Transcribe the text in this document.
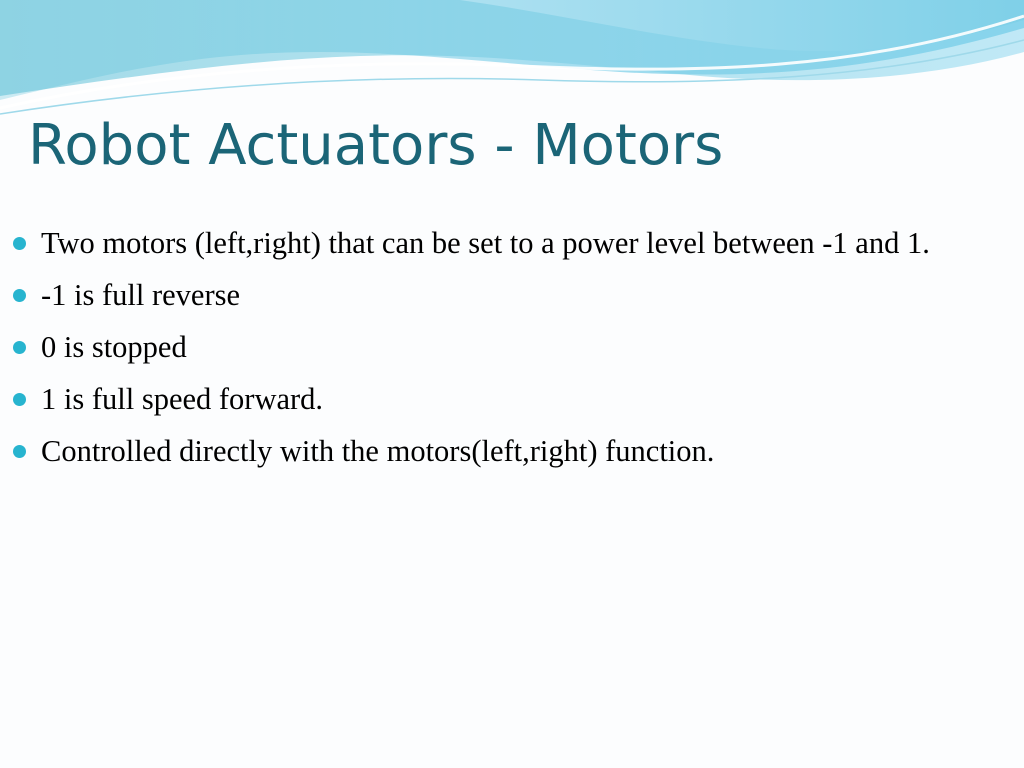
Robot Actuators - Motors
Two motors (left,right) that can be set to a power level between -1 and 1.
-1 is full reverse
0 is stopped
1 is full speed forward.
Controlled directly with the motors(left,right) function.
